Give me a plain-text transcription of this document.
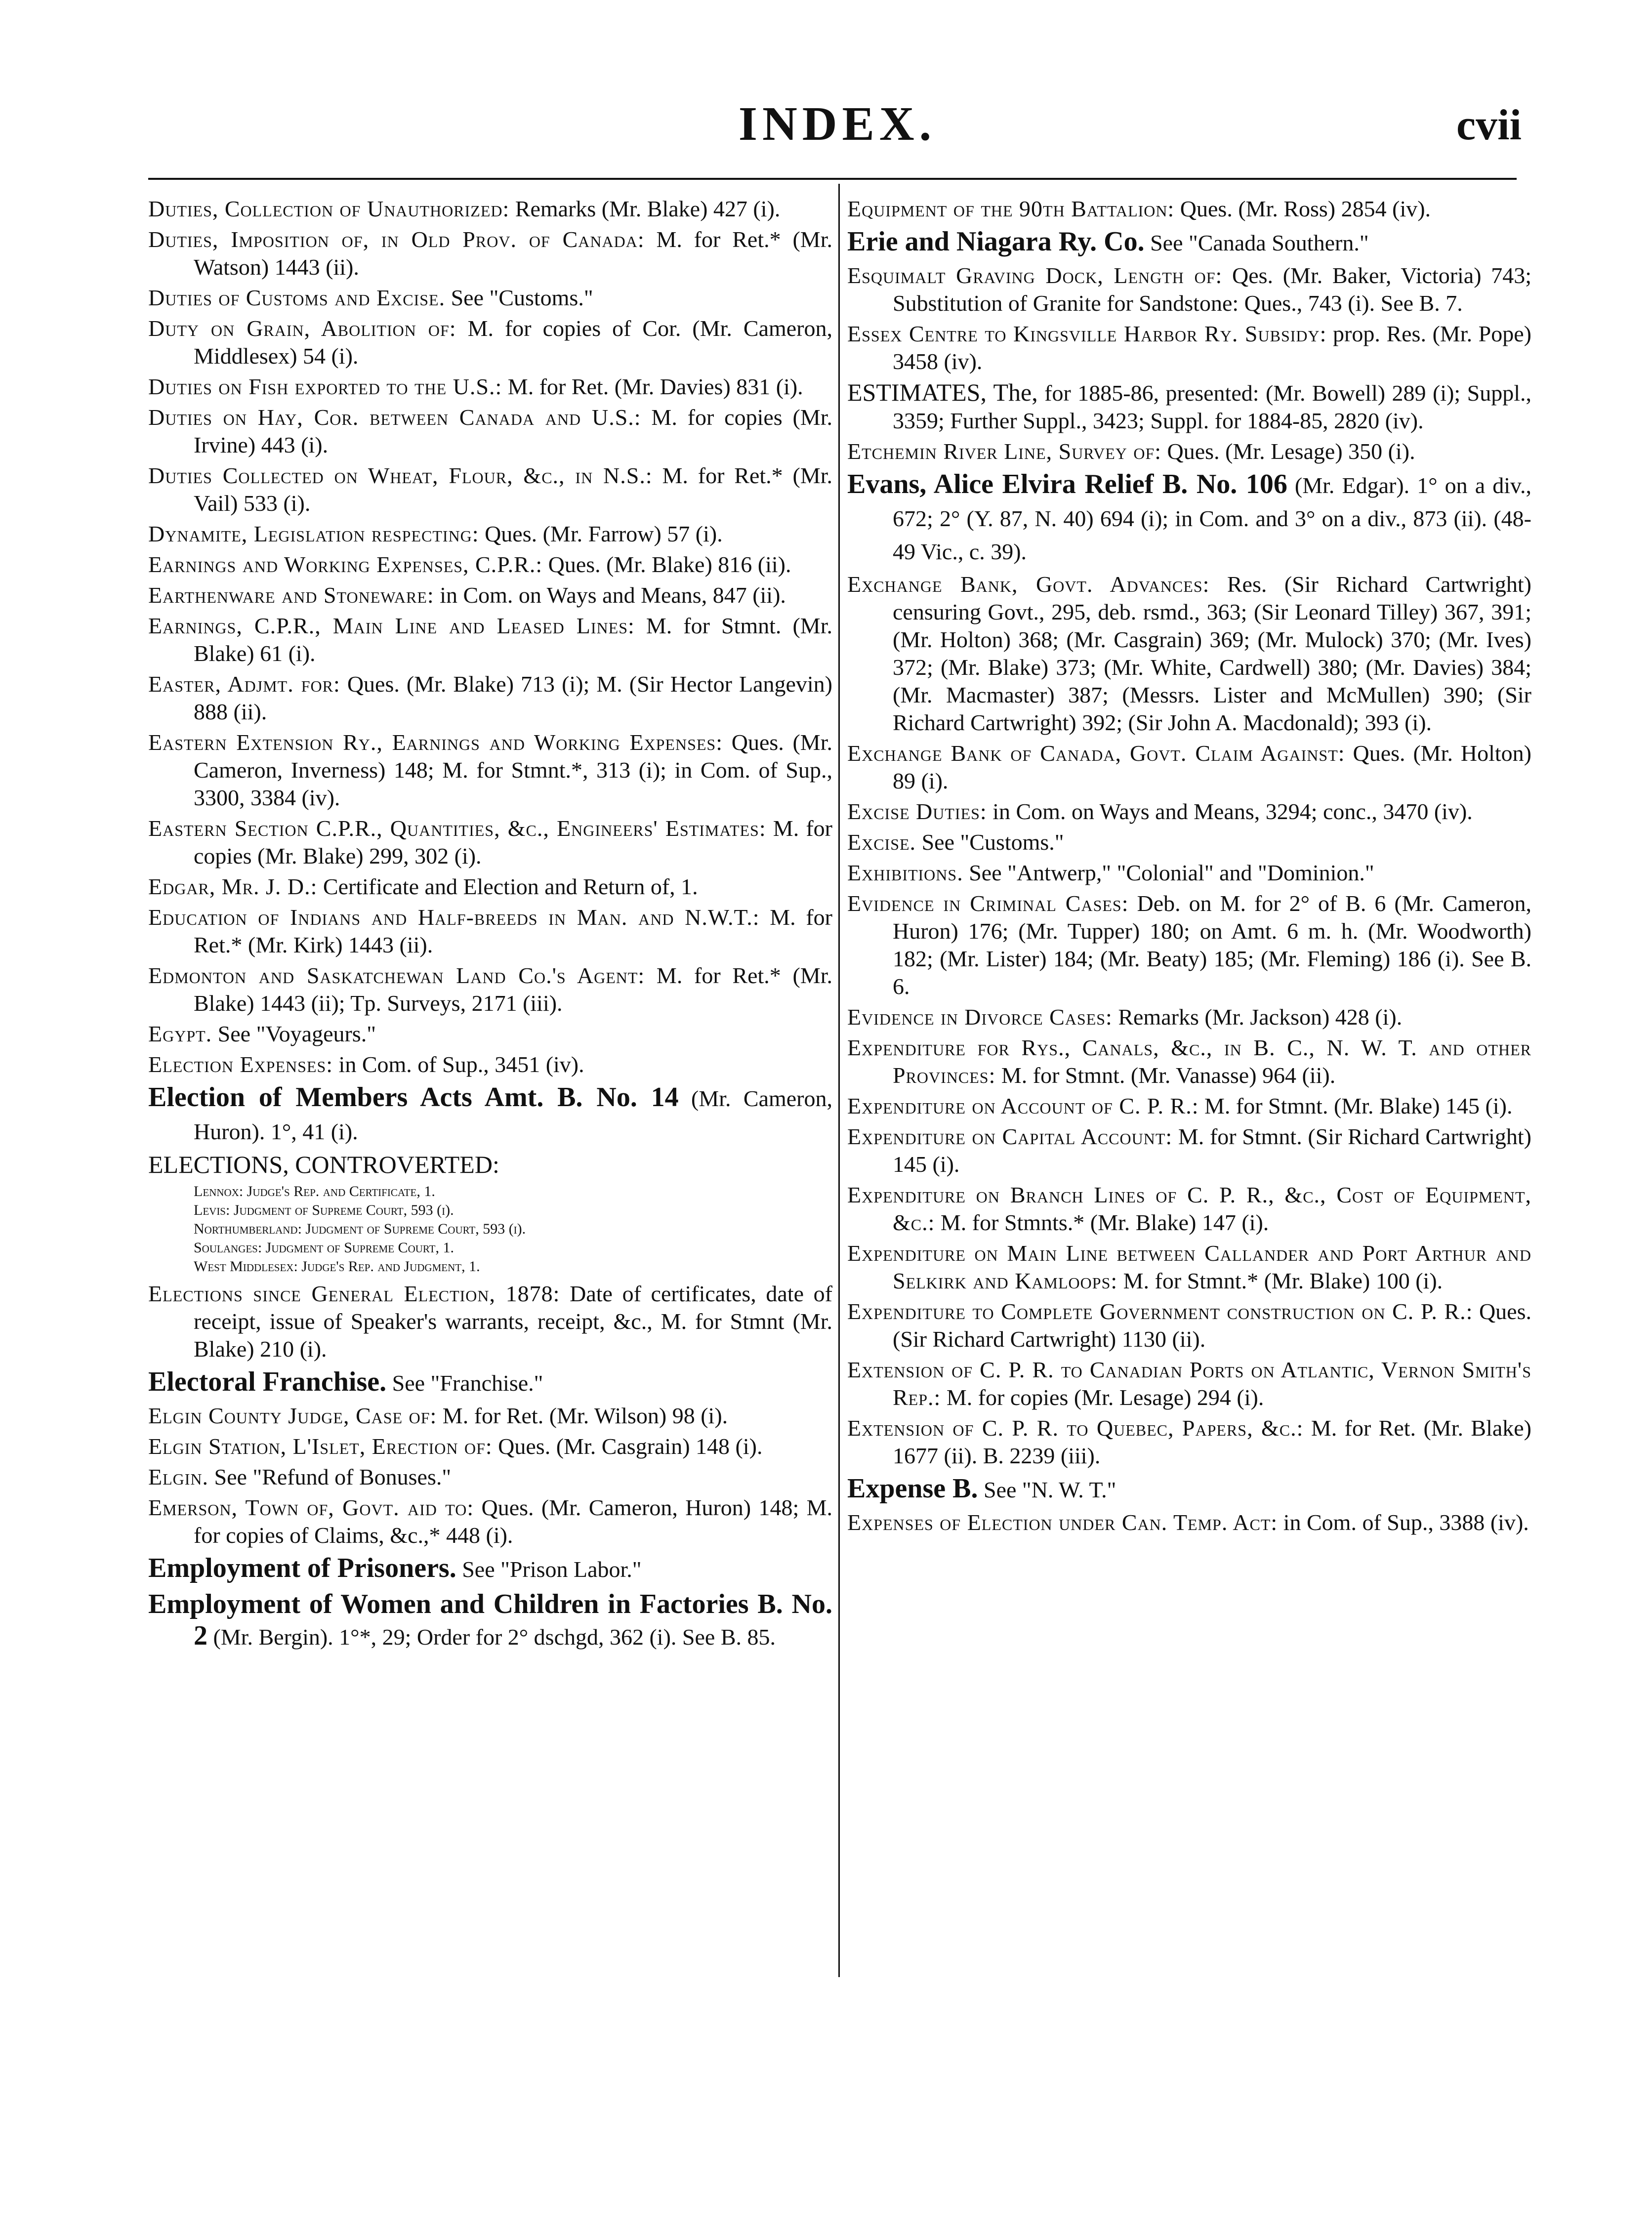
INDEX.	cvii

Duties, Collection of Unauthorized: Remarks (Mr. Blake) 427 (i).

Duties, Imposition of, in Old Prov. of Canada: M. for Ret.* (Mr. Watson) 1443 (ii).

Duties of Customs and Excise. See "Customs."

Duty on Grain, Abolition of: M. for copies of Cor. (Mr. Cameron, Middlesex) 54 (i).

Duties on Fish exported to the U.S.: M. for Ret. (Mr. Davies) 831 (i).

Duties on Hay, Cor. between Canada and U.S.: M. for copies (Mr. Irvine) 443 (i).

Duties Collected on Wheat, Flour, &c., in N.S.: M. for Ret.* (Mr. Vail) 533 (i).

Dynamite, Legislation respecting: Ques. (Mr. Farrow) 57 (i).

Earnings and Working Expenses, C.P.R.: Ques. (Mr. Blake) 816 (ii).

Earthenware and Stoneware: in Com. on Ways and Means, 847 (ii).

Earnings, C.P.R., Main Line and Leased Lines: M. for Stmnt. (Mr. Blake) 61 (i).

Easter, Adjmt. for: Ques. (Mr. Blake) 713 (i); M. (Sir Hector Langevin) 888 (ii).

Eastern Extension Ry., Earnings and Working Expenses: Ques. (Mr. Cameron, Inverness) 148; M. for Stmnt.*, 313 (i); in Com. of Sup., 3300, 3384 (iv).

Eastern Section C.P.R., Quantities, &c., Engineers' Estimates: M. for copies (Mr. Blake) 299, 302 (i).

Edgar, Mr. J. D.: Certificate and Election and Return of, 1.

Education of Indians and Half-breeds in Man. and N.W.T.: M. for Ret.* (Mr. Kirk) 1443 (ii).

Edmonton and Saskatchewan Land Co.'s Agent: M. for Ret.* (Mr. Blake) 1443 (ii); Tp. Surveys, 2171 (iii).

Egypt. See "Voyageurs."

Election Expenses: in Com. of Sup., 3451 (iv).

Election of Members Acts Amt. B. No. 14 (Mr. Cameron, Huron). 1°, 41 (i).

ELECTIONS, CONTROVERTED:

Lennox: Judge's Rep. and Certificate, 1.

Levis: Judgment of Supreme Court, 593 (i).

Northumberland: Judgment of Supreme Court, 593 (i).

Soulanges: Judgment of Supreme Court, 1.

West Middlesex: Judge's Rep. and Judgment, 1.

Elections since General Election, 1878: Date of certificates, date of receipt, issue of Speaker's warrants, receipt, &c., M. for Stmnt (Mr. Blake) 210 (i).

Electoral Franchise. See "Franchise."

Elgin County Judge, Case of: M. for Ret. (Mr. Wilson) 98 (i).

Elgin Station, L'Islet, Erection of: Ques. (Mr. Casgrain) 148 (i).

Elgin. See "Refund of Bonuses."

Emerson, Town of, Govt. aid to: Ques. (Mr. Cameron, Huron) 148; M. for copies of Claims, &c.,* 448 (i).

Employment of Prisoners. See "Prison Labor."

Employment of Women and Children in Factories B. No. 2 (Mr. Bergin). 1°*, 29; Order for 2° dschgd, 362 (i). See B. 85.

Equipment of the 90th Battalion: Ques. (Mr. Ross) 2854 (iv).

Erie and Niagara Ry. Co. See "Canada Southern."

Esquimalt Graving Dock, Length of: Qes. (Mr. Baker, Victoria) 743; Substitution of Granite for Sandstone: Ques., 743 (i). See B. 7.

Essex Centre to Kingsville Harbor Ry. Subsidy: prop. Res. (Mr. Pope) 3458 (iv).

ESTIMATES, The, for 1885-86, presented: (Mr. Bowell) 289 (i); Suppl., 3359; Further Suppl., 3423; Suppl. for 1884-85, 2820 (iv).

Etchemin River Line, Survey of: Ques. (Mr. Lesage) 350 (i).

Evans, Alice Elvira Relief B. No. 106 (Mr. Edgar). 1° on a div., 672; 2° (Y. 87, N. 40) 694 (i); in Com. and 3° on a div., 873 (ii). (48-49 Vic., c. 39).

Exchange Bank, Govt. Advances: Res. (Sir Richard Cartwright) censuring Govt., 295, deb. rsmd., 363; (Sir Leonard Tilley) 367, 391; (Mr. Holton) 368; (Mr. Casgrain) 369; (Mr. Mulock) 370; (Mr. Ives) 372; (Mr. Blake) 373; (Mr. White, Cardwell) 380; (Mr. Davies) 384; (Mr. Macmaster) 387; (Messrs. Lister and McMullen) 390; (Sir Richard Cartwright) 392; (Sir John A. Macdonald); 393 (i).

Exchange Bank of Canada, Govt. Claim Against: Ques. (Mr. Holton) 89 (i).

Excise Duties: in Com. on Ways and Means, 3294; conc., 3470 (iv).

Excise. See "Customs."

Exhibitions. See "Antwerp," "Colonial" and "Dominion."

Evidence in Criminal Cases: Deb. on M. for 2° of B. 6 (Mr. Cameron, Huron) 176; (Mr. Tupper) 180; on Amt. 6 m. h. (Mr. Woodworth) 182; (Mr. Lister) 184; (Mr. Beaty) 185; (Mr. Fleming) 186 (i). See B. 6.

Evidence in Divorce Cases: Remarks (Mr. Jackson) 428 (i).

Expenditure for Rys., Canals, &c., in B. C., N. W. T. and other Provinces: M. for Stmnt. (Mr. Vanasse) 964 (ii).

Expenditure on Account of C. P. R.: M. for Stmnt. (Mr. Blake) 145 (i).

Expenditure on Capital Account: M. for Stmnt. (Sir Richard Cartwright) 145 (i).

Expenditure on Branch Lines of C. P. R., &c., Cost of Equipment, &c.: M. for Stmnts.* (Mr. Blake) 147 (i).

Expenditure on Main Line between Callander and Port Arthur and Selkirk and Kamloops: M. for Stmnt.* (Mr. Blake) 100 (i).

Expenditure to Complete Government construction on C. P. R.: Ques. (Sir Richard Cartwright) 1130 (ii).

Extension of C. P. R. to Canadian Ports on Atlantic, Vernon Smith's Rep.: M. for copies (Mr. Lesage) 294 (i).

Extension of C. P. R. to Quebec, Papers, &c.: M. for Ret. (Mr. Blake) 1677 (ii). B. 2239 (iii).

Expense B. See "N. W. T."

Expenses of Election under Can. Temp. Act: in Com. of Sup., 3388 (iv).
